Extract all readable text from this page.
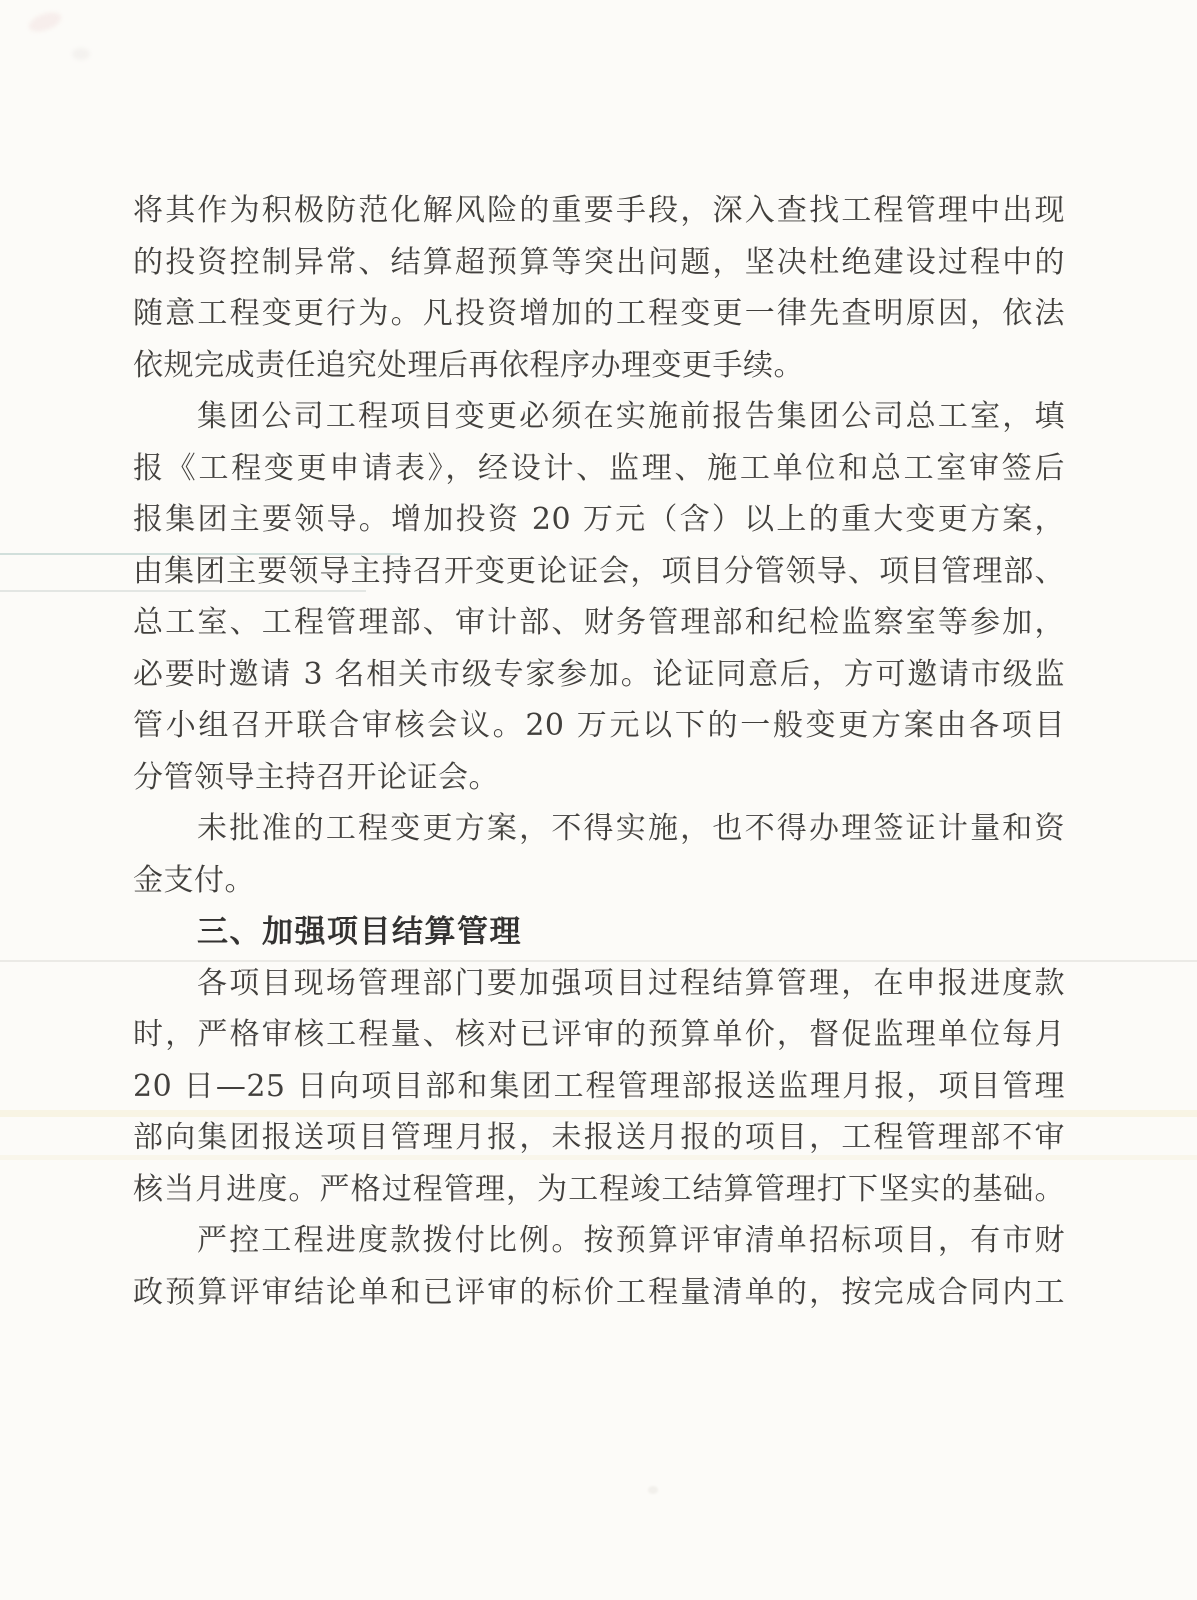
将其作为积极防范化解风险的重要手段，深入查找工程管理中出现
的投资控制异常、结算超预算等突出问题，坚决杜绝建设过程中的
随意工程变更行为。凡投资增加的工程变更一律先查明原因，依法
依规完成责任追究处理后再依程序办理变更手续。
集团公司工程项目变更必须在实施前报告集团公司总工室，填
报《工程变更申请表》，经设计、监理、施工单位和总工室审签后
报集团主要领导。增加投资 20 万元（含）以上的重大变更方案，
由集团主要领导主持召开变更论证会，项目分管领导、项目管理部、
总工室、工程管理部、审计部、财务管理部和纪检监察室等参加，
必要时邀请 3 名相关市级专家参加。论证同意后，方可邀请市级监
管小组召开联合审核会议。20 万元以下的一般变更方案由各项目
分管领导主持召开论证会。
未批准的工程变更方案，不得实施，也不得办理签证计量和资
金支付。
三、加强项目结算管理
各项目现场管理部门要加强项目过程结算管理，在申报进度款
时，严格审核工程量、核对已评审的预算单价，督促监理单位每月
20 日—25 日向项目部和集团工程管理部报送监理月报，项目管理
部向集团报送项目管理月报，未报送月报的项目，工程管理部不审
核当月进度。严格过程管理，为工程竣工结算管理打下坚实的基础。
严控工程进度款拨付比例。按预算评审清单招标项目，有市财
政预算评审结论单和已评审的标价工程量清单的，按完成合同内工
